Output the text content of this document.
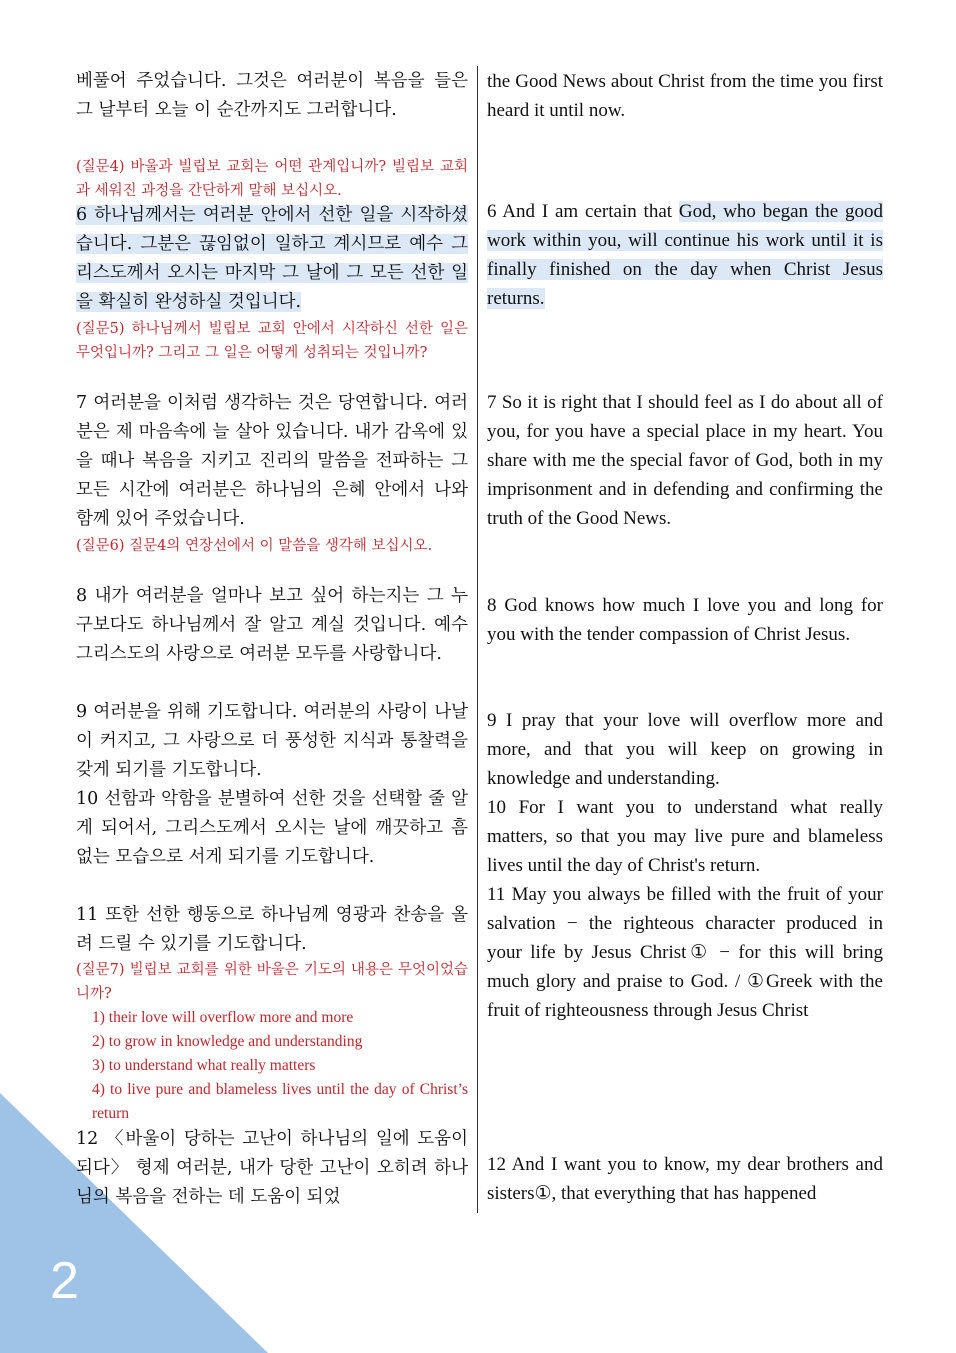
2

베풀어 주었습니다. 그것은 여러분이 복음을 들은 그 날부터 오늘 이 순간까지도 그러합니다.

(질문4) 바울과 빌립보 교회는 어떤 관계입니까? 빌립보 교회과 세워진 과정을 간단하게 말해 보십시오.

6 하나님께서는 여러분 안에서 선한 일을 시작하셨습니다. 그분은 끊임없이 일하고 계시므로 예수 그리스도께서 오시는 마지막 그 날에 그 모든 선한 일을 확실히 완성하실 것입니다.

(질문5) 하나님께서 빌립보 교회 안에서 시작하신 선한 일은 무엇입니까? 그리고 그 일은 어떻게 성취되는 것입니까?

7 여러분을 이처럼 생각하는 것은 당연합니다. 여러분은 제 마음속에 늘 살아 있습니다. 내가 감옥에 있을 때나 복음을 지키고 진리의 말씀을 전파하는 그 모든 시간에 여러분은 하나님의 은혜 안에서 나와 함께 있어 주었습니다.

(질문6) 질문4의 연장선에서 이 말씀을 생각해 보십시오.

8 내가 여러분을 얼마나 보고 싶어 하는지는 그 누구보다도 하나님께서 잘 알고 계실 것입니다. 예수 그리스도의 사랑으로 여러분 모두를 사랑합니다.

9 여러분을 위해 기도합니다. 여러분의 사랑이 나날이 커지고, 그 사랑으로 더 풍성한 지식과 통찰력을 갖게 되기를 기도합니다.

10 선함과 악함을 분별하여 선한 것을 선택할 줄 알게 되어서, 그리스도께서 오시는 날에 깨끗하고 흠 없는 모습으로 서게 되기를 기도합니다.

11 또한 선한 행동으로 하나님께 영광과 찬송을 올려 드릴 수 있기를 기도합니다.

(질문7) 빌립보 교회를 위한 바울은 기도의 내용은 무엇이었습니까?
1) their love will overflow more and more
2) to grow in knowledge and understanding
3) to understand what really matters
4) to live pure and blameless lives until the day of Christ’s return

12 〈바울이 당하는 고난이 하나님의 일에 도움이 되다〉 형제 여러분, 내가 당한 고난이 오히려 하나님의 복음을 전하는 데 도움이 되었

the Good News about Christ from the time you first heard it until now.

6 And I am certain that God, who began the good work within you, will continue his work until it is finally finished on the day when Christ Jesus returns.

7 So it is right that I should feel as I do about all of you, for you have a special place in my heart. You share with me the special favor of God, both in my imprisonment and in defending and confirming the truth of the Good News.

8 God knows how much I love you and long for you with the tender compassion of Christ Jesus.

9 I pray that your love will overflow more and more, and that you will keep on growing in knowledge and understanding.

10 For I want you to understand what really matters, so that you may live pure and blameless lives until the day of Christ's return.

11 May you always be filled with the fruit of your salvation − the righteous character produced in your life by Jesus Christ① − for this will bring much glory and praise to God. / ①Greek with the fruit of righteousness through Jesus Christ

12 And I want you to know, my dear brothers and sisters①, that everything that has happened
